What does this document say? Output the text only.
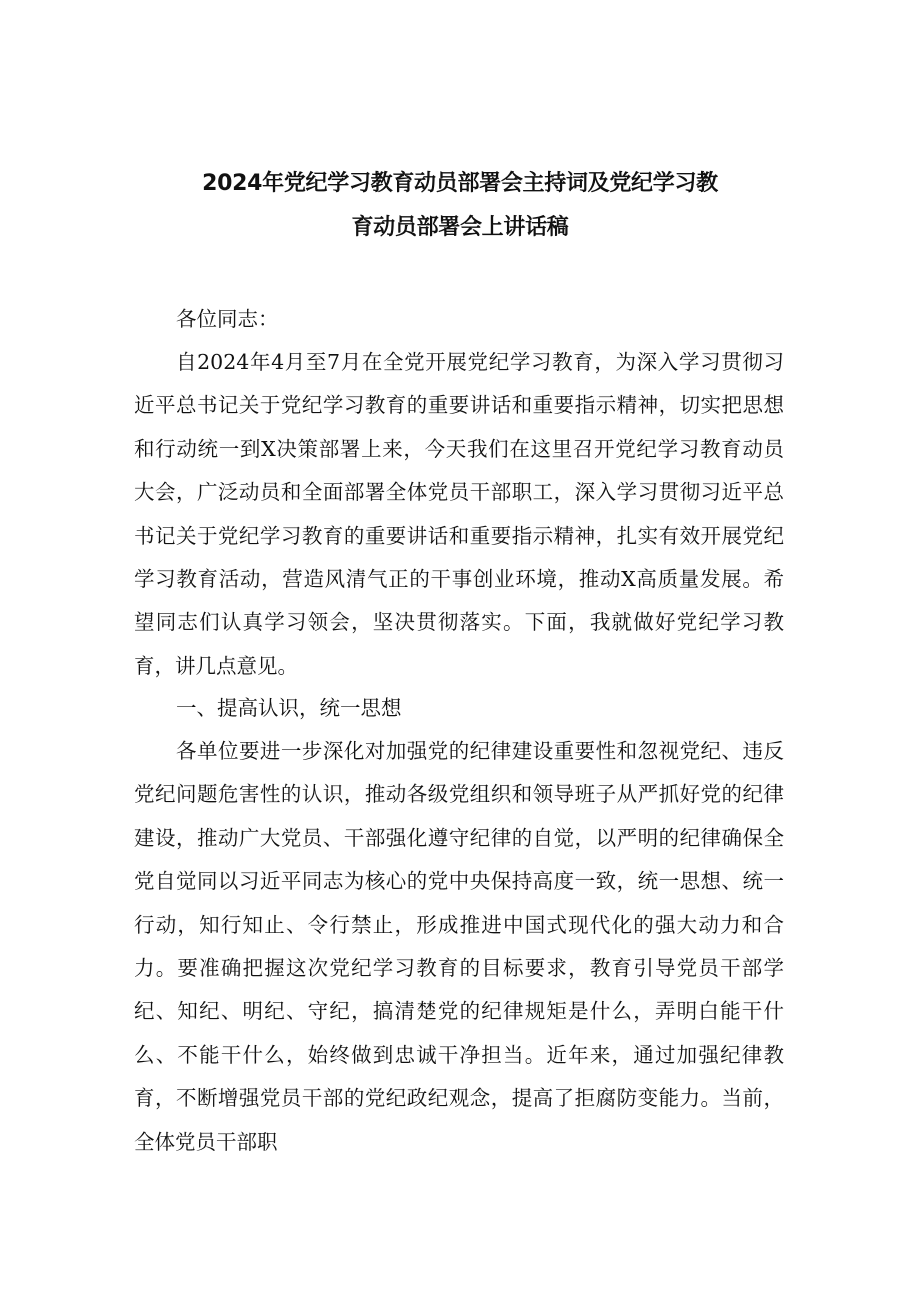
2024年党纪学习教育动员部署会主持词及党纪学习教
育动员部署会上讲话稿
各位同志：
自2024年4月至7月在全党开展党纪学习教育，为深入学习贯彻习近平总书记关于党纪学习教育的重要讲话和重要指示精神，切实把思想和行动统一到X决策部署上来，今天我们在这里召开党纪学习教育动员大会，广泛动员和全面部署全体党员干部职工，深入学习贯彻习近平总书记关于党纪学习教育的重要讲话和重要指示精神，扎实有效开展党纪学习教育活动，营造风清气正的干事创业环境，推动X高质量发展。希望同志们认真学习领会，坚决贯彻落实。下面，我就做好党纪学习教育，讲几点意见。
一、提高认识，统一思想
各单位要进一步深化对加强党的纪律建设重要性和忽视党纪、违反党纪问题危害性的认识，推动各级党组织和领导班子从严抓好党的纪律建设，推动广大党员、干部强化遵守纪律的自觉，以严明的纪律确保全党自觉同以习近平同志为核心的党中央保持高度一致，统一思想、统一行动，知行知止、令行禁止，形成推进中国式现代化的强大动力和合力。要准确把握这次党纪学习教育的目标要求，教育引导党员干部学纪、知纪、明纪、守纪，搞清楚党的纪律规矩是什么，弄明白能干什么、不能干什么，始终做到忠诚干净担当。近年来，通过加强纪律教育，不断增强党员干部的党纪政纪观念，提高了拒腐防变能力。当前，全体党员干部职
